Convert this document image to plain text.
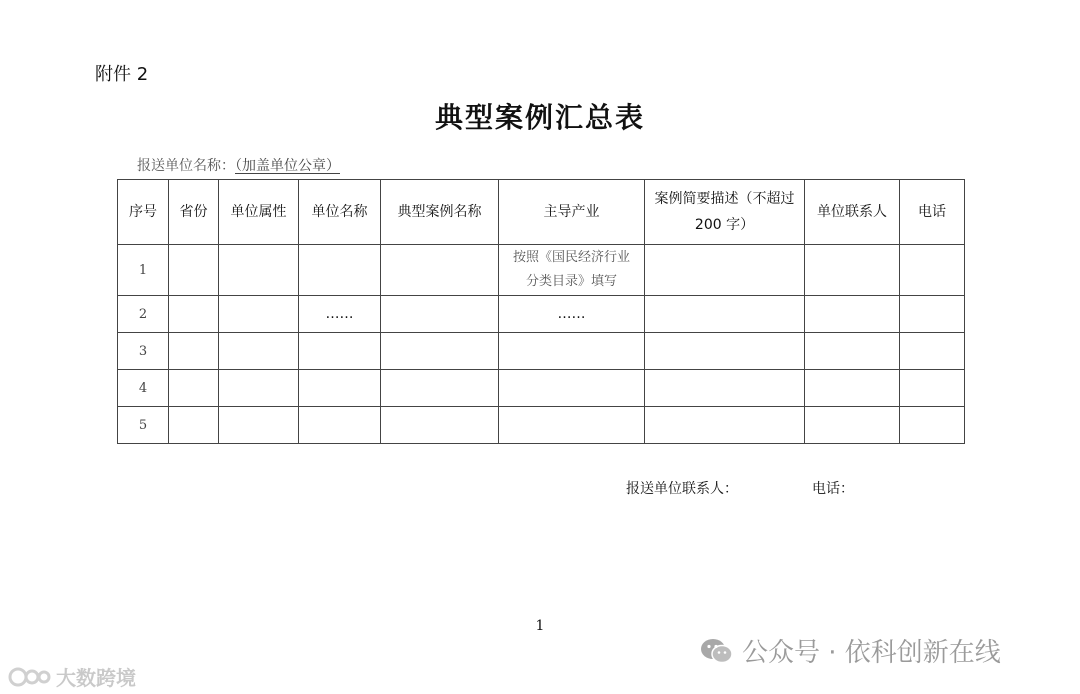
附件 2
典型案例汇总表
报送单位名称：（加盖单位公章）
序号	省份	单位属性	单位名称	典型案例名称	主导产业	案例简要描述（不超过 200 字）	单位联系人	电话
1					按照《国民经济行业
分类目录》填写			

2			……		……			
3								
4								
5								
报送单位联系人：	电话：
1
公众号 · 依科创新在线
大数跨境
